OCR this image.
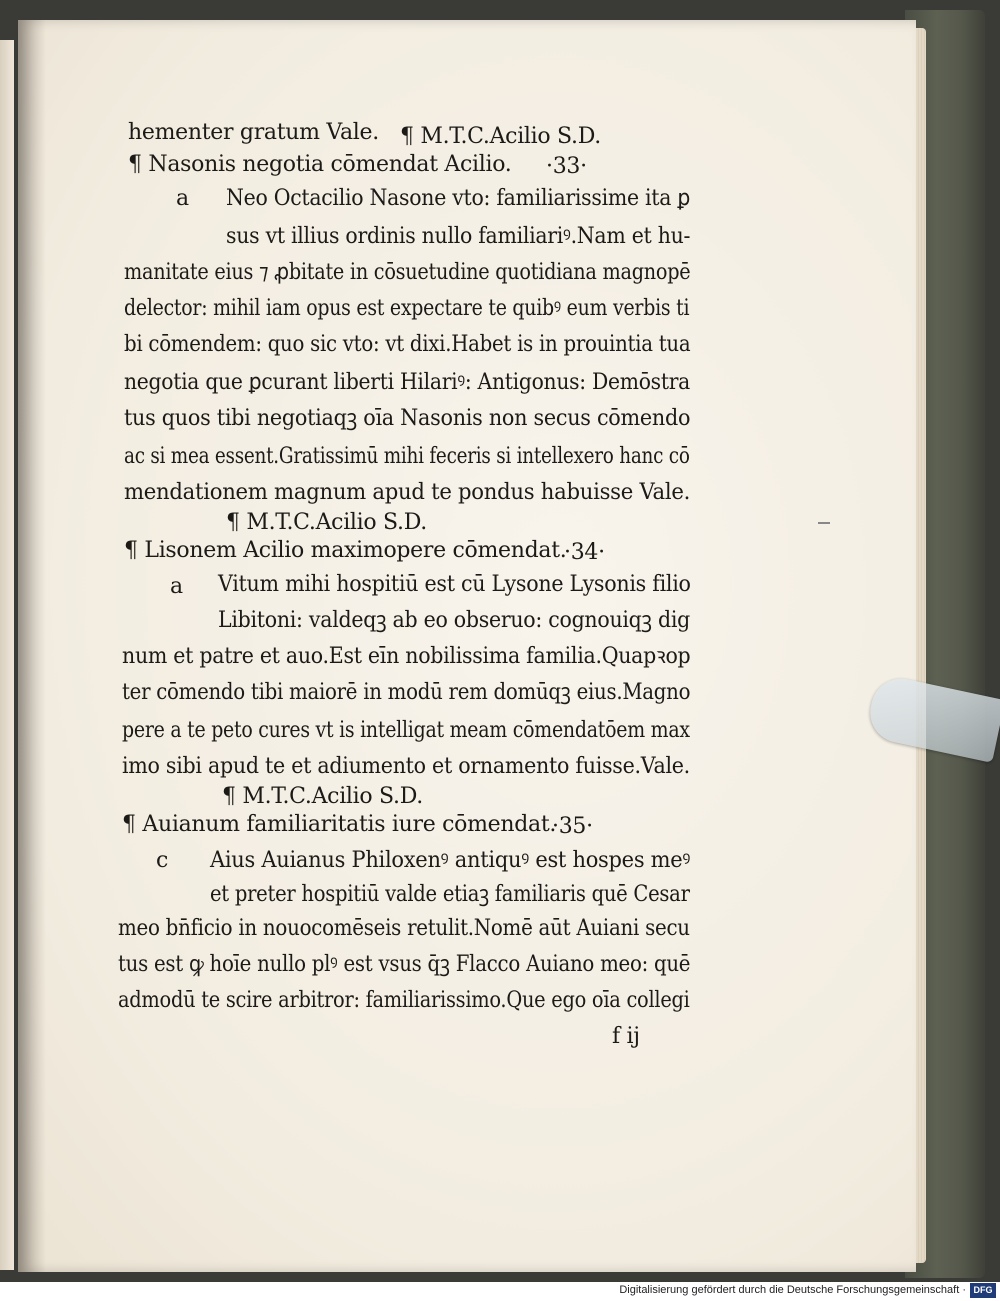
hementer gratum Vale. ¶ M.T.C.Acilio S.D.
¶ Nasonis negotia cōmendat Acilio. ·33·
a Neo Octacilio Nasone vto: familiarissime ita ꝑ
sus vt illius ordinis nullo familiariꝰ.Nam et hu-
manitate eius ⁊ ꝓbitate in cōsuetudine quotidiana magnopē
delector: mihil iam opus est expectare te quibꝰ eum verbis ti
bi cōmendem: quo sic vto: vt dixi.Habet is in prouintia tua
negotia que ꝑcurant liberti Hilariꝰ: Antigonus: Demōstra
tus quos tibi negotiaqꝫ oīa Nasonis non secus cōmendo
ac si mea essent.Gratissimū mihi feceris si intellexero hanc cō
mendationem magnum apud te pondus habuisse Vale.
¶ M.T.C.Acilio S.D.
¶ Lisonem Acilio maximopere cōmendat.
·34·
a Vitum mihi hospitiū est cū Lysone Lysonis filio
Libitoni: valdeqꝫ ab eo obseruo: cognouiqꝫ dig
num et patre et auo.Est eīn nobilissima familia.Quapꝛop
ter cōmendo tibi maiorē in modū rem domūqꝫ eius.Magno
pere a te peto cures vt is intelligat meam cōmendatōem max
imo sibi apud te et adiumento et ornamento fuisse.Vale.
¶ M.T.C.Acilio S.D.
¶ Auianum familiaritatis iure cōmendat.
·35·
c Aius Auianus Philoxenꝰ antiquꝰ est hospes meꝰ
et preter hospitiū valde etiaꝫ familiaris quē Cesar
meo bn̄ficio in nouocomēseis retulit.Nomē aūt Auiani secu
tus est ꝙ hoīe nullo plꝰ est vsus q̄ꝫ Flacco Auiano meo: quē
admodū te scire arbitror: familiarissimo.Que ego oīa collegi
f ij
Digitalisierung gefördert durch die Deutsche Forschungsgemeinschaft · DFG
